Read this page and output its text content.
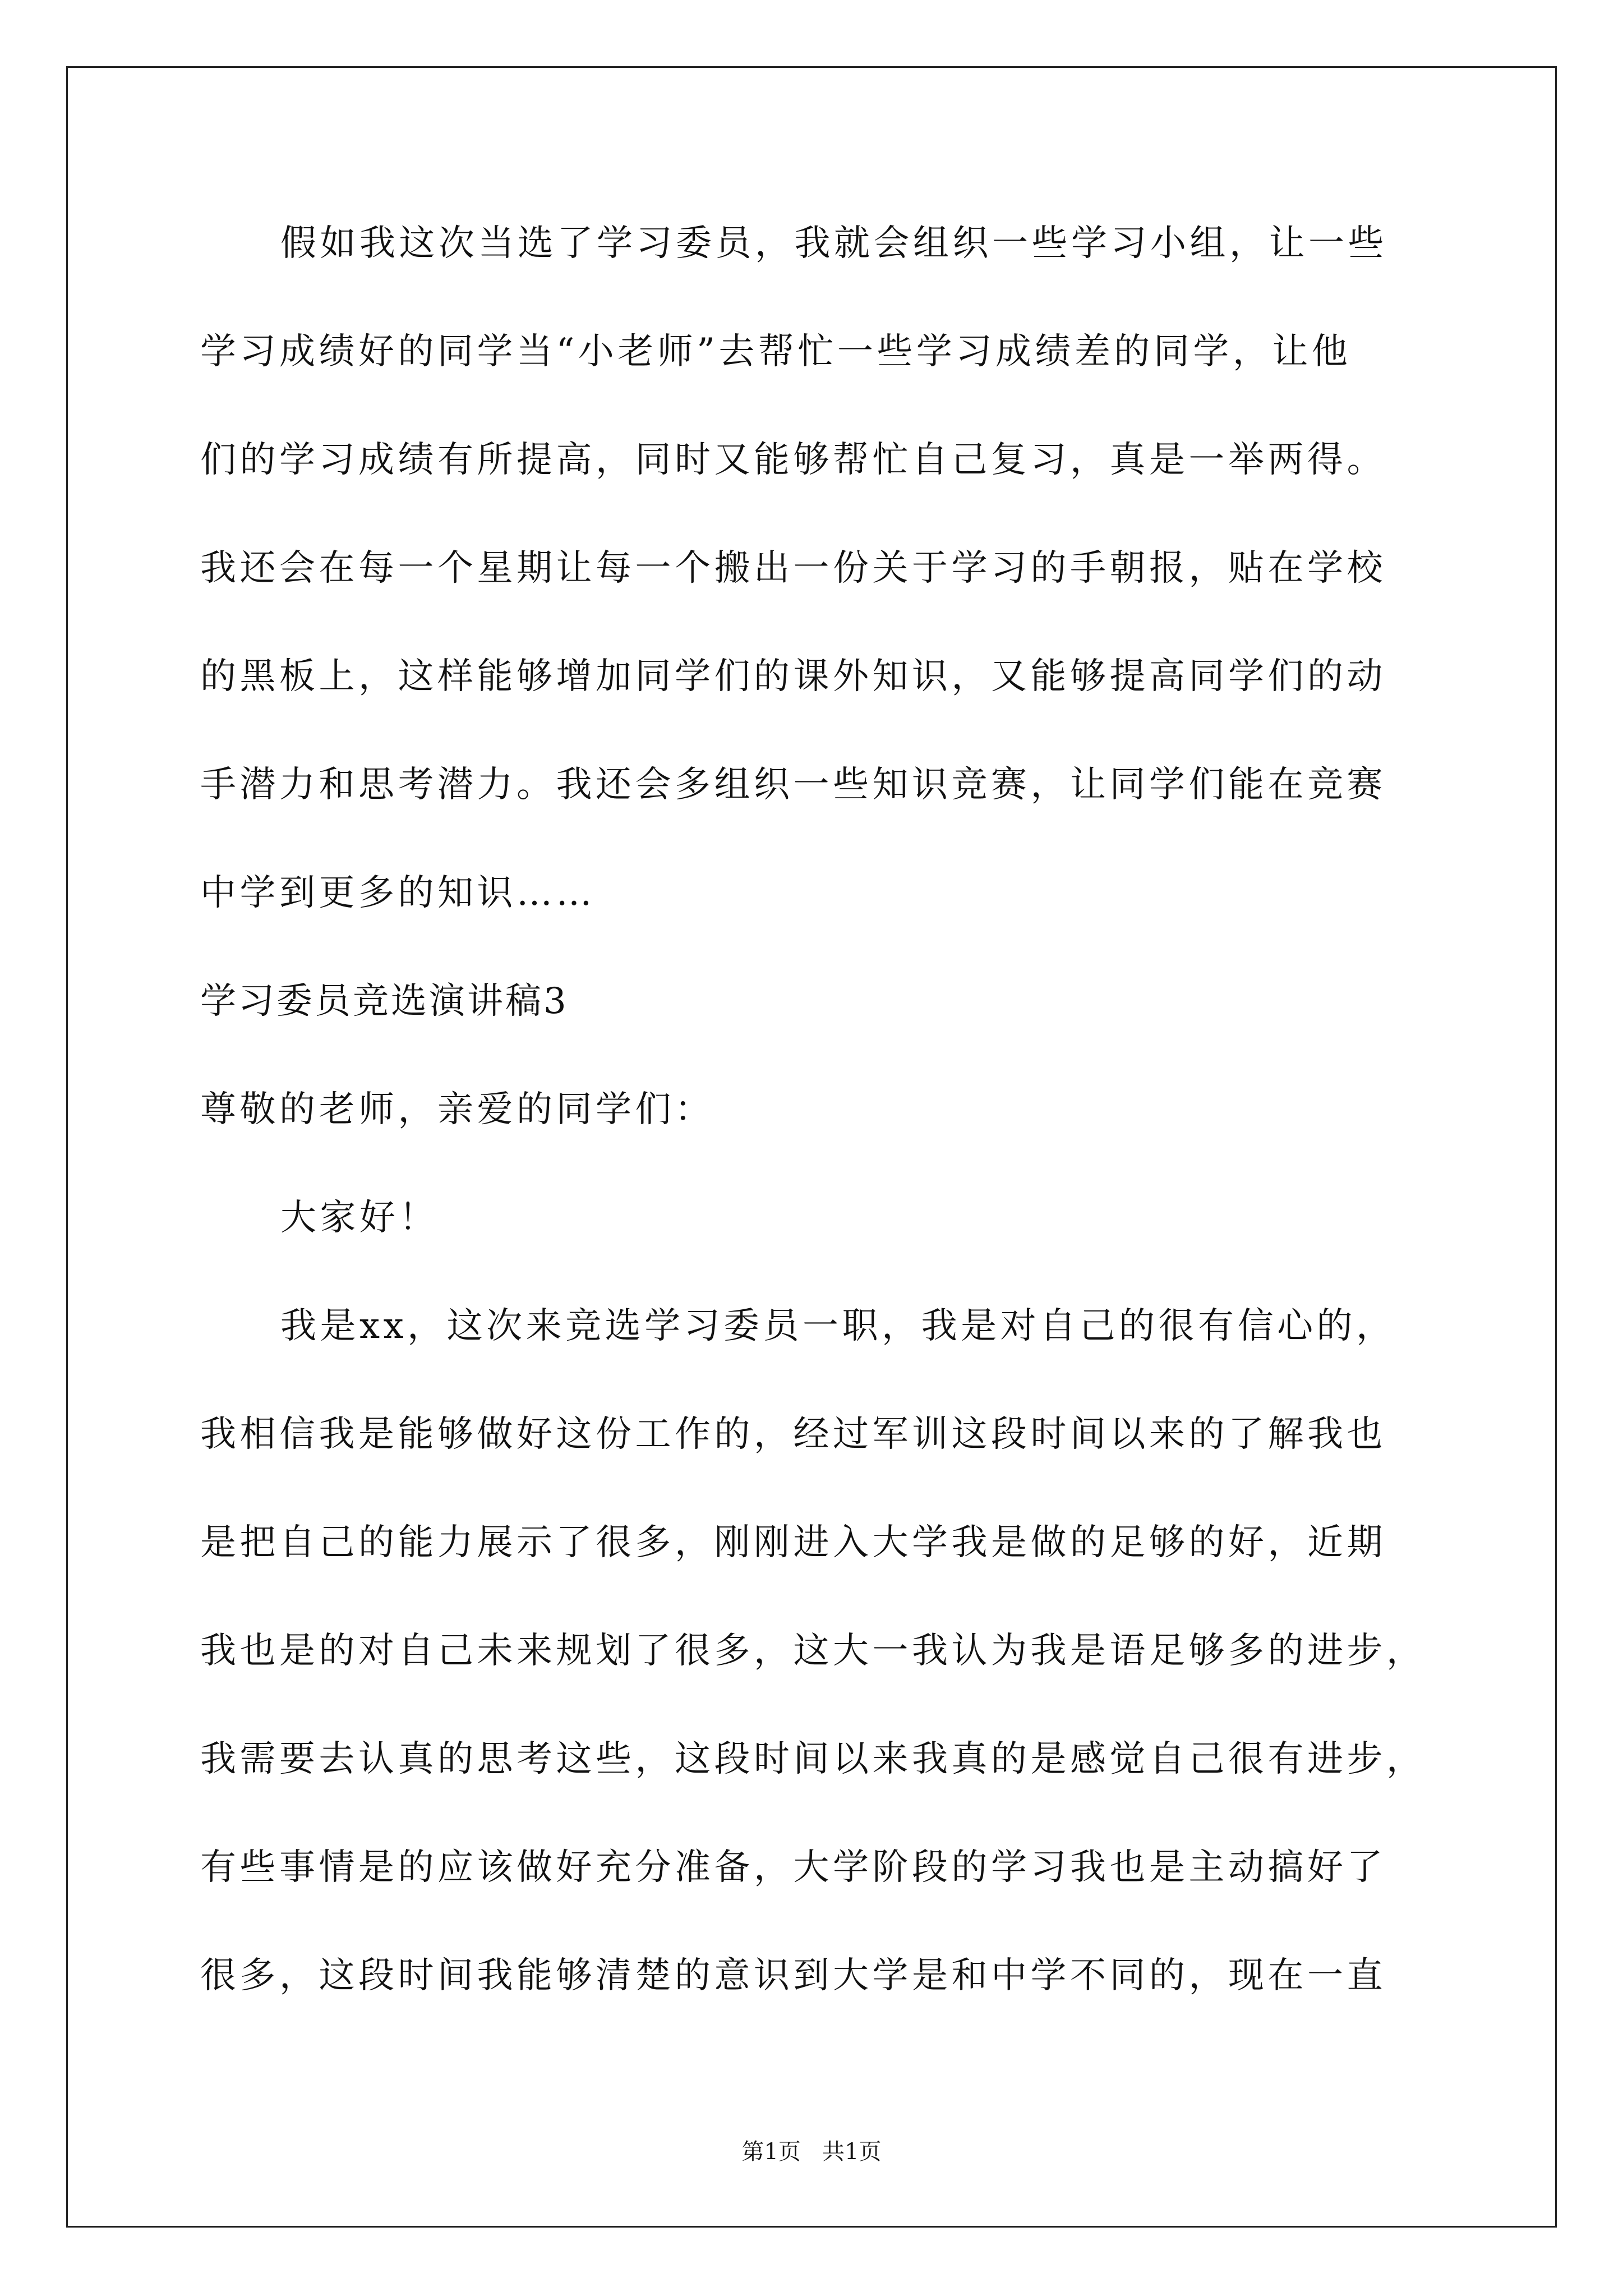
假如我这次当选了学习委员，我就会组织一些学习小组，让一些
学习成绩好的同学当“小老师”去帮忙一些学习成绩差的同学，让他
们的学习成绩有所提高，同时又能够帮忙自己复习，真是一举两得。
我还会在每一个星期让每一个搬出一份关于学习的手朝报，贴在学校
的黑板上，这样能够增加同学们的课外知识，又能够提高同学们的动
手潜力和思考潜力。我还会多组织一些知识竞赛，让同学们能在竞赛
中学到更多的知识……
学习委员竞选演讲稿3
尊敬的老师，亲爱的同学们：
大家好！
我是xx，这次来竞选学习委员一职，我是对自己的很有信心的，
我相信我是能够做好这份工作的，经过军训这段时间以来的了解我也
是把自己的能力展示了很多，刚刚进入大学我是做的足够的好，近期
我也是的对自己未来规划了很多，这大一我认为我是语足够多的进步，
我需要去认真的思考这些，这段时间以来我真的是感觉自己很有进步，
有些事情是的应该做好充分准备，大学阶段的学习我也是主动搞好了
很多，这段时间我能够清楚的意识到大学是和中学不同的，现在一直
第1页   共1页
